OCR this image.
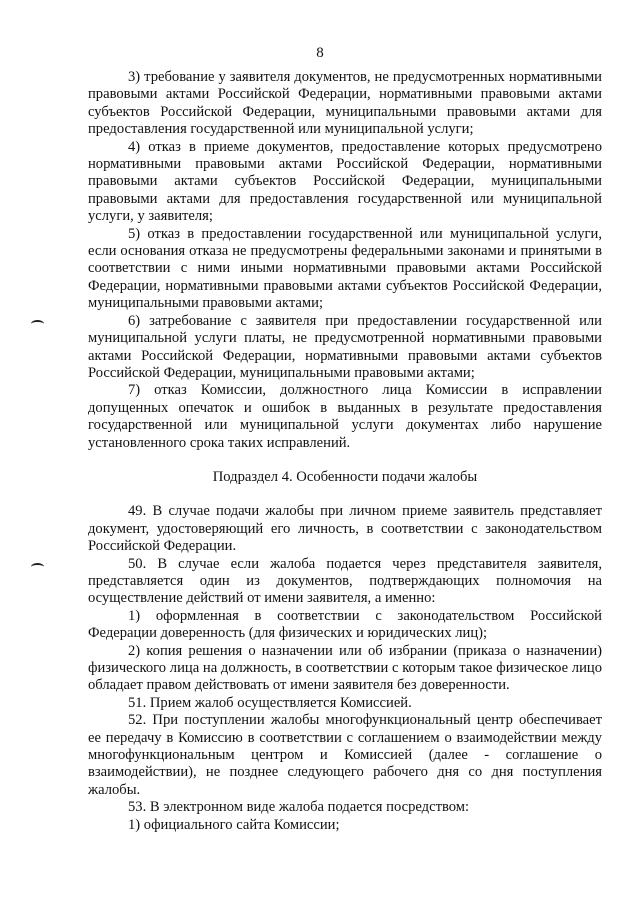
8

3) требование у заявителя документов, не предусмотренных нормативными правовыми актами Российской Федерации, нормативными правовыми актами субъектов Российской Федерации, муниципальными правовыми актами для предоставления государственной или муниципальной услуги;

4) отказ в приеме документов, предоставление которых предусмотрено нормативными правовыми актами Российской Федерации, нормативными правовыми актами субъектов Российской Федерации, муниципальными правовыми актами для предоставления государственной или муниципальной услуги, у заявителя;

5) отказ в предоставлении государственной или муниципальной услуги, если основания отказа не предусмотрены федеральными законами и принятыми в соответствии с ними иными нормативными правовыми актами Российской Федерации, нормативными правовыми актами субъектов Российской Федерации, муниципальными правовыми актами;

6) затребование с заявителя при предоставлении государственной или муниципальной услуги платы, не предусмотренной нормативными правовыми актами Российской Федерации, нормативными правовыми актами субъектов Российской Федерации, муниципальными правовыми актами;

7) отказ Комиссии, должностного лица Комиссии в исправлении допущенных опечаток и ошибок в выданных в результате предоставления государственной или муниципальной услуги документах либо нарушение установленного срока таких исправлений.

Подраздел 4. Особенности подачи жалобы

49. В случае подачи жалобы при личном приеме заявитель представляет документ, удостоверяющий его личность, в соответствии с законодательством Российской Федерации.

50. В случае если жалоба подается через представителя заявителя, представляется один из документов, подтверждающих полномочия на осуществление действий от имени заявителя, а именно:

1) оформленная в соответствии с законодательством Российской Федерации доверенность (для физических и юридических лиц);

2) копия решения о назначении или об избрании (приказа о назначении) физического лица на должность, в соответствии с которым такое физическое лицо обладает правом действовать от имени заявителя без доверенности.

51. Прием жалоб осуществляется Комиссией.

52. При поступлении жалобы многофункциональный центр обеспечивает ее передачу в Комиссию в соответствии с соглашением о взаимодействии между многофункциональным центром и Комиссией (далее - соглашение о взаимодействии), не позднее следующего рабочего дня со дня поступления жалобы.

53. В электронном виде жалоба подается посредством:

1) официального сайта Комиссии;
